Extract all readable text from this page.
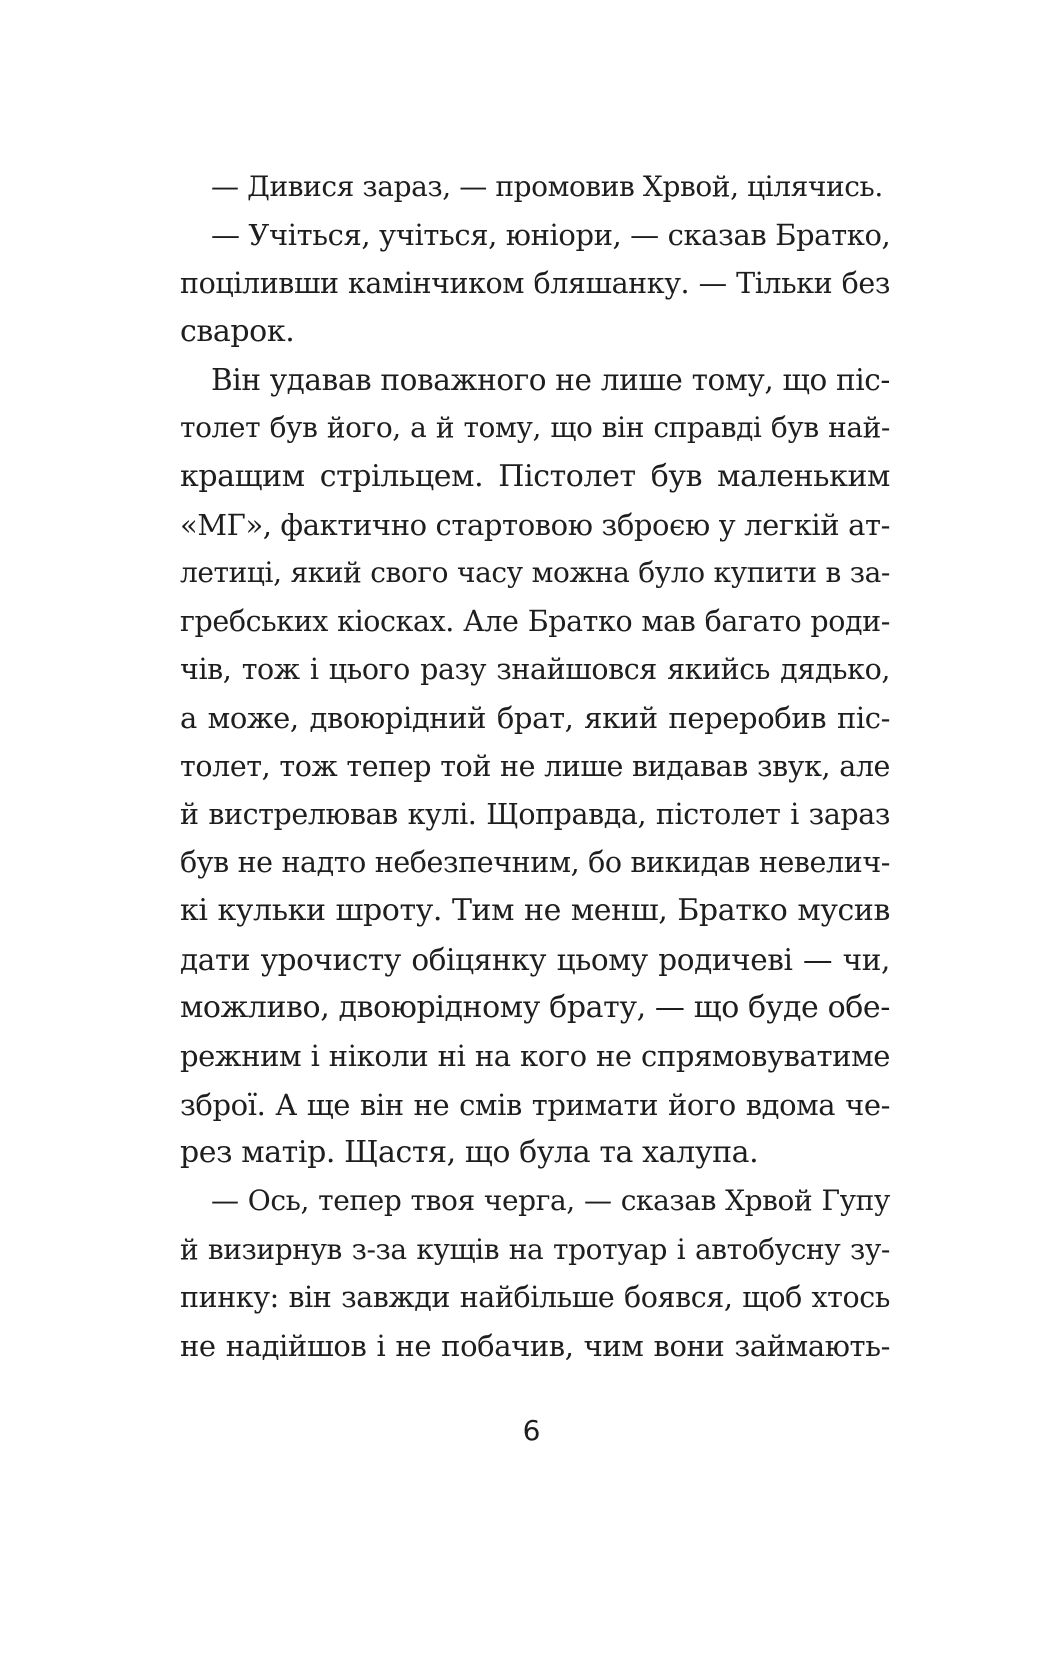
— Дивися зараз, — промовив Хрвой, цілячись.
— Учіться, учіться, юніори, — сказав Братко,
поціливши камінчиком бляшанку. — Тільки без
сварок.
Він удавав поважного не лише тому, що піс-
толет був його, а й тому, що він справді був най-
кращим стрільцем. Пістолет був маленьким
«МГ», фактично стартовою зброєю у легкій ат-
летиці, який свого часу можна було купити в за-
гребських кіосках. Але Братко мав багато роди-
чів, тож і цього разу знайшовся якийсь дядько,
а може, двоюрідний брат, який переробив піс-
толет, тож тепер той не лише видавав звук, але
й вистрелював кулі. Щоправда, пістолет і зараз
був не надто небезпечним, бо викидав невелич-
кі кульки шроту. Тим не менш, Братко мусив
дати урочисту обіцянку цьому родичеві — чи,
можливо, двоюрідному брату, — що буде обе-
режним і ніколи ні на кого не спрямовуватиме
зброї. А ще він не смів тримати його вдома че-
рез матір. Щастя, що була та халупа.
— Ось, тепер твоя черга, — сказав Хрвой Гупу
й визирнув з-за кущів на тротуар і автобусну зу-
пинку: він завжди найбільше боявся, щоб хтось
не надійшов і не побачив, чим вони займають-
6
